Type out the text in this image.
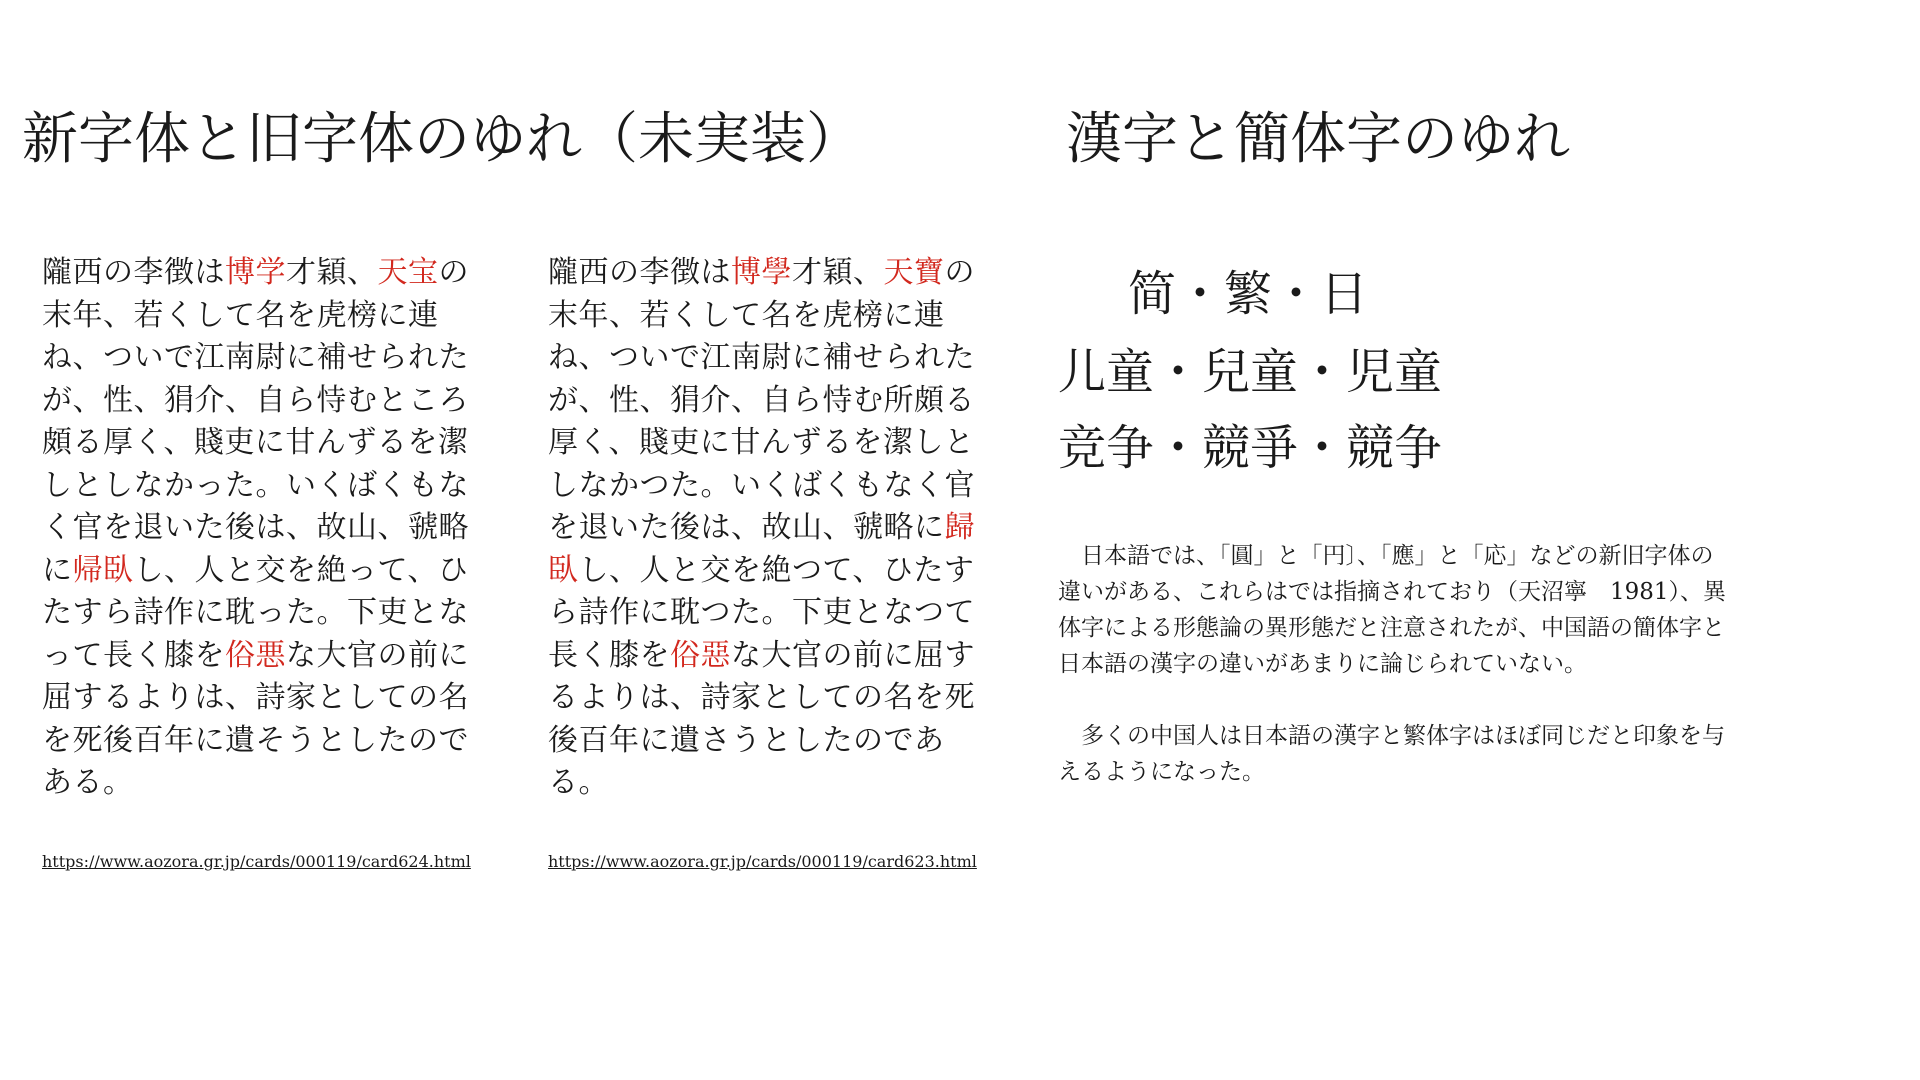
新字体と旧字体のゆれ（未実装）	漢字と簡体字のゆれ

隴西の李徴は博学才穎、天宝の末年、若くして名を虎榜に連ね、ついで江南尉に補せられたが、性、狷介、自ら恃むところ頗る厚く、賤吏に甘んずるを潔しとしなかった。いくばくもなく官を退いた後は、故山、虢略に帰臥し、人と交を絶って、ひたすら詩作に耽った。下吏となって長く膝を俗悪な大官の前に屈するよりは、詩家としての名を死後百年に遺そうとしたのである。

隴西の李徴は博學才穎、天寶の末年、若くして名を虎榜に連ね、ついで江南尉に補せられたが、性、狷介、自ら恃む所頗る厚く、賤吏に甘んずるを潔しとしなかつた。いくばくもなく官を退いた後は、故山、虢略に歸臥し、人と交を絶つて、ひたすら詩作に耽つた。下吏となつて長く膝を俗惡な大官の前に屈するよりは、詩家としての名を死後百年に遺さうとしたのである。

https://www.aozora.gr.jp/cards/000119/card624.html	https://www.aozora.gr.jp/cards/000119/card623.html
简・繁・日
儿童・兒童・児童
竞争・競爭・競争

　日本語では、「圓」と「円〕、「應」と「応」などの新旧字体の違いがある、これらはでは指摘されており（天沼寧　1981）、異体字による形態論の異形態だと注意されたが、中国語の簡体字と日本語の漢字の違いがあまりに論じられていない。

　多くの中国人は日本語の漢字と繁体字はほぼ同じだと印象を与えるようになった。
